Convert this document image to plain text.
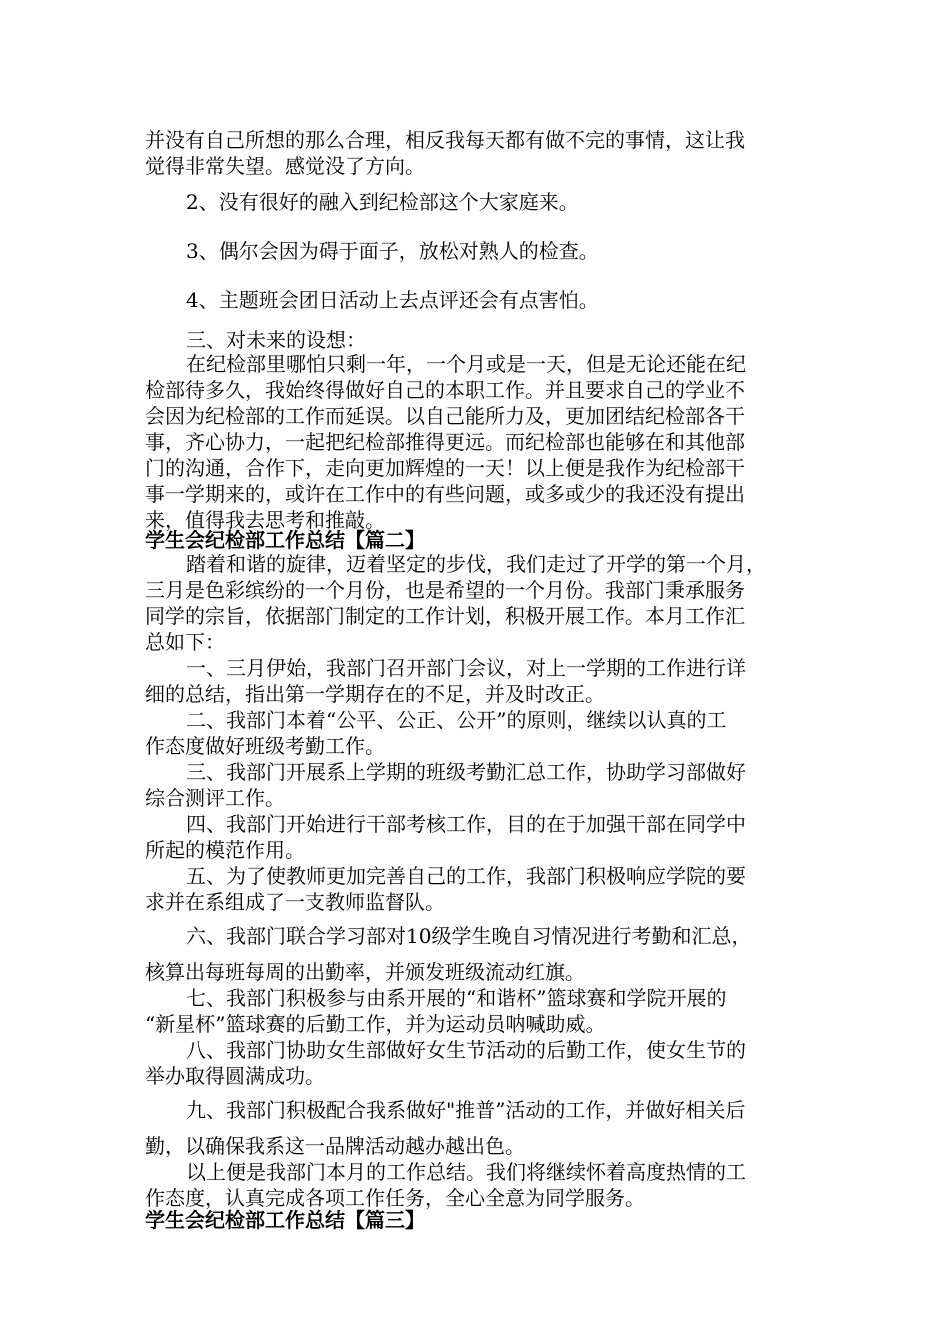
并没有自己所想的那么合理，相反我每天都有做不完的事情，这让我

觉得非常失望。感觉没了方向。

2、没有很好的融入到纪检部这个大家庭来。

3、偶尔会因为碍于面子，放松对熟人的检查。

4、主题班会团日活动上去点评还会有点害怕。

三、对未来的设想：

在纪检部里哪怕只剩一年，一个月或是一天，但是无论还能在纪

检部待多久，我始终得做好自己的本职工作。并且要求自己的学业不

会因为纪检部的工作而延误。以自己能所力及，更加团结纪检部各干

事，齐心协力，一起把纪检部推得更远。而纪检部也能够在和其他部

门的沟通，合作下，走向更加辉煌的一天！以上便是我作为纪检部干

事一学期来的，或许在工作中的有些问题，或多或少的我还没有提出

来，值得我去思考和推敲。

学生会纪检部工作总结【篇二】

踏着和谐的旋律，迈着坚定的步伐，我们走过了开学的第一个月，

三月是色彩缤纷的一个月份，也是希望的一个月份。我部门秉承服务

同学的宗旨，依据部门制定的工作计划，积极开展工作。本月工作汇

总如下：

一、三月伊始，我部门召开部门会议，对上一学期的工作进行详

细的总结，指出第一学期存在的不足，并及时改正。

二、我部门本着“公平、公正、公开”的原则，继续以认真的工

作态度做好班级考勤工作。

三、我部门开展系上学期的班级考勤汇总工作，协助学习部做好

综合测评工作。

四、我部门开始进行干部考核工作，目的在于加强干部在同学中

所起的模范作用。

五、为了使教师更加完善自己的工作，我部门积极响应学院的要

求并在系组成了一支教师监督队。

六、我部门联合学习部对10级学生晚自习情况进行考勤和汇总，

核算出每班每周的出勤率，并颁发班级流动红旗。

七、我部门积极参与由系开展的“和谐杯”篮球赛和学院开展的

“新星杯”篮球赛的后勤工作，并为运动员呐喊助威。

八、我部门协助女生部做好女生节活动的后勤工作，使女生节的

举办取得圆满成功。

九、我部门积极配合我系做好"推普”活动的工作，并做好相关后

勤，以确保我系这一品牌活动越办越出色。

以上便是我部门本月的工作总结。我们将继续怀着高度热情的工

作态度，认真完成各项工作任务，全心全意为同学服务。

学生会纪检部工作总结【篇三】
